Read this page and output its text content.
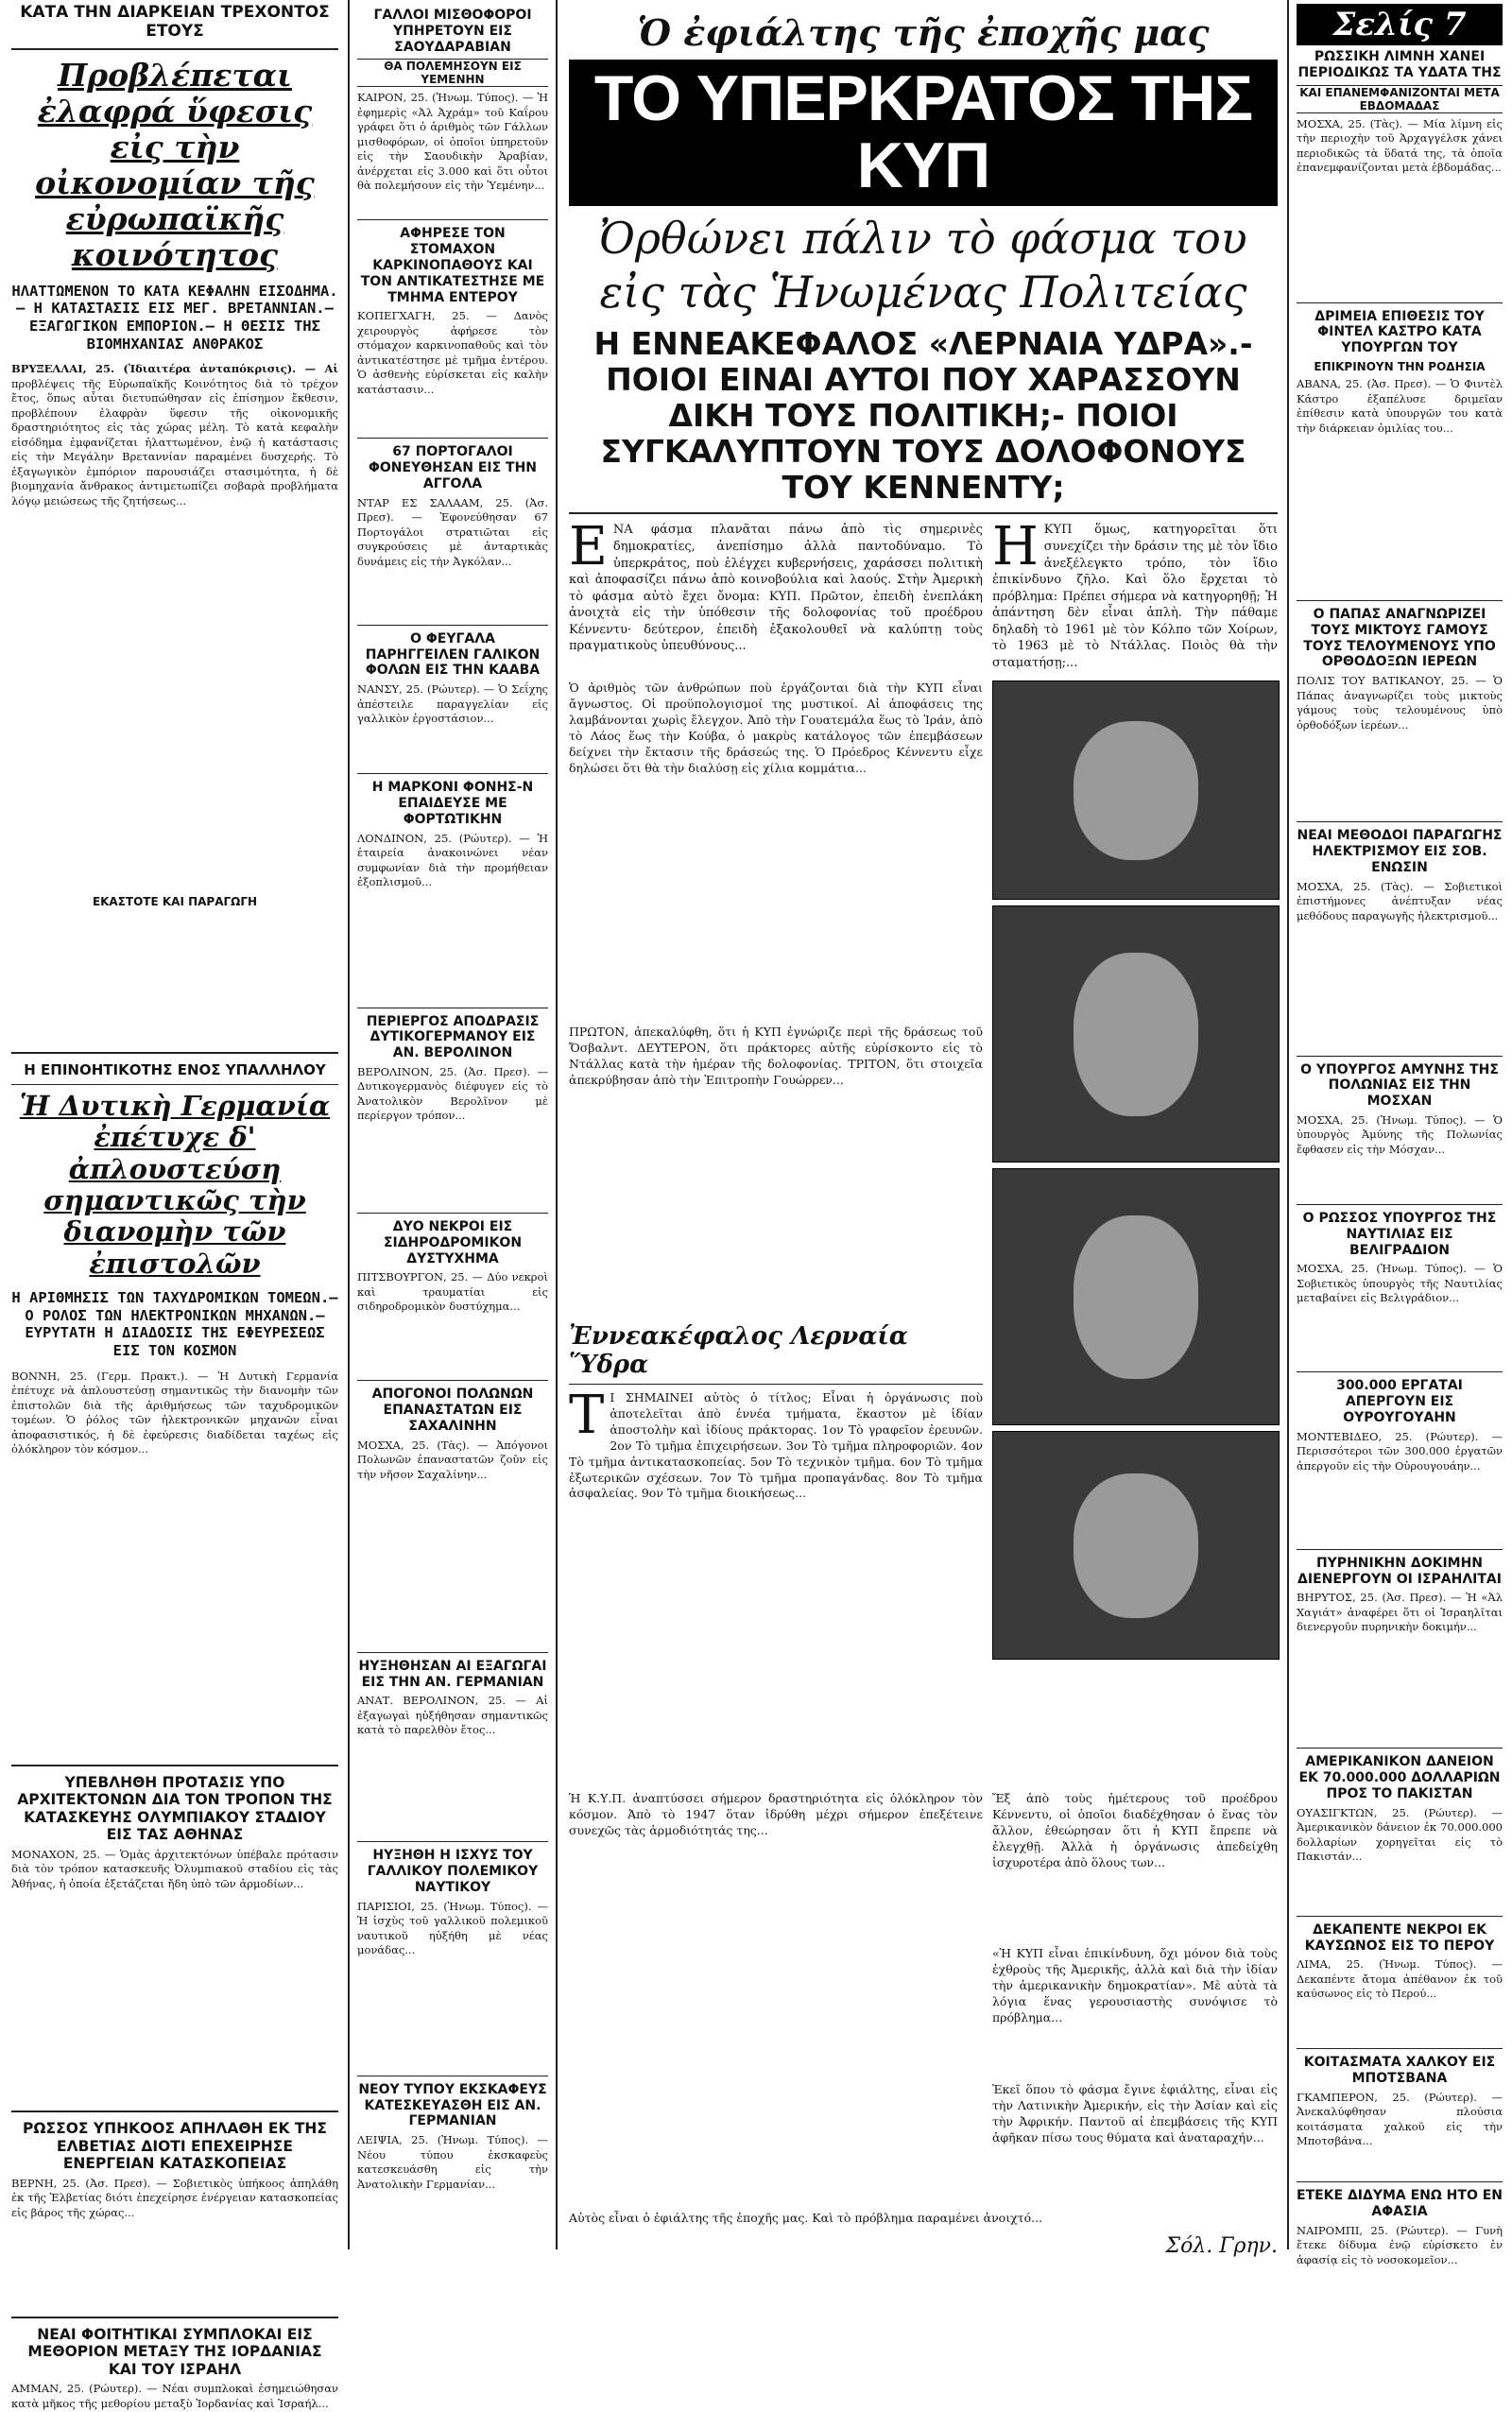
ΚΑΤΑ ΤΗΝ ΔΙΑΡΚΕΙΑΝ ΤΡΕΧΟΝΤΟΣ ΕΤΟΥΣ
Προβλέπεται ἐλαφρά ὕφεσις εἰς τὴν οἰκονομίαν τῆς εὐρωπαϊκῆς κοινότητος
ΗΛΑΤΤΩΜΕΝΟΝ ΤΟ ΚΑΤΑ ΚΕΦΑΛΗΝ ΕΙΣΟΔΗΜΑ.— Η ΚΑΤΑΣΤΑΣΙΣ ΕΙΣ ΜΕΓ. ΒΡΕΤΑΝΝΙΑΝ.— ΕΞΑΓΩΓΙΚΟΝ ΕΜΠΟΡΙΟΝ.— Η ΘΕΣΙΣ ΤΗΣ ΒΙΟΜΗΧΑΝΙΑΣ ΑΝΘΡΑΚΟΣ

ΒΡΥΞΕΛΛΑΙ, 25. (Ἰδιαιτέρα ἀνταπόκρισις). — Αἱ προβλέψεις τῆς Εὐρωπαϊκῆς Κοινότητος διὰ τὸ τρέχον ἔτος, ὅπως αὗται διετυπώθησαν εἰς ἐπίσημον ἔκθεσιν, προβλέπουν ἐλαφρὰν ὕφεσιν τῆς οἰκονομικῆς δραστηριότητος εἰς τὰς χώρας μέλη. Τὸ κατὰ κεφαλὴν εἰσόδημα ἐμφανίζεται ἠλαττωμένον, ἐνῷ ἡ κατάστασις εἰς τὴν Μεγάλην Βρεταννίαν παραμένει δυσχερής. Τὸ ἐξαγωγικὸν ἐμπόριον παρουσιάζει στασιμότητα, ἡ δὲ βιομηχανία ἄνθρακος ἀντιμετωπίζει σοβαρὰ προβλήματα λόγῳ μειώσεως τῆς ζητήσεως...

ΕΚΑΣΤΟΤΕ ΚΑΙ ΠΑΡΑΓΩΓΗ
Η ΕΠΙΝΟΗΤΙΚΟΤΗΣ ΕΝΟΣ ΥΠΑΛΛΗΛΟΥ
Ἡ Δυτικὴ Γερμανία ἐπέτυχε δ' ἀπλουστεύση σημαντικῶς τὴν διανομὴν τῶν ἐπιστολῶν
Η ΑΡΙΘΜΗΣΙΣ ΤΩΝ ΤΑΧΥΔΡΟΜΙΚΩΝ ΤΟΜΕΩΝ.— Ο ΡΟΛΟΣ ΤΩΝ ΗΛΕΚΤΡΟΝΙΚΩΝ ΜΗΧΑΝΩΝ.— ΕΥΡΥΤΑΤΗ Η ΔΙΑΔΟΣΙΣ ΤΗΣ ΕΦΕΥΡΕΣΕΩΣ ΕΙΣ ΤΟΝ ΚΟΣΜΟΝ

ΒΟΝΝΗ, 25. (Γερμ. Πρακτ.). — Ἡ Δυτικὴ Γερμανία ἐπέτυχε νὰ ἀπλουστεύσῃ σημαντικῶς τὴν διανομὴν τῶν ἐπιστολῶν διὰ τῆς ἀριθμήσεως τῶν ταχυδρομικῶν τομέων. Ὁ ῥόλος τῶν ἠλεκτρονικῶν μηχανῶν εἶναι ἀποφασιστικός, ἡ δὲ ἐφεύρεσις διαδίδεται ταχέως εἰς ὁλόκληρον τὸν κόσμον...

ΥΠΕΒΛΗΘΗ ΠΡΟΤΑΣΙΣ ΥΠΟ ΑΡΧΙΤΕΚΤΟΝΩΝ ΔΙΑ ΤΟΝ ΤΡΟΠΟΝ ΤΗΣ ΚΑΤΑΣΚΕΥΗΣ ΟΛΥΜΠΙΑΚΟΥ ΣΤΑΔΙΟΥ ΕΙΣ ΤΑΣ ΑΘΗΝΑΣ

ΜΟΝΑΧΟΝ, 25. — Ὁμὰς ἀρχιτεκτόνων ὑπέβαλε πρότασιν διὰ τὸν τρόπον κατασκευῆς Ὀλυμπιακοῦ σταδίου εἰς τὰς Ἀθήνας, ἡ ὁποία ἐξετάζεται ἤδη ὑπὸ τῶν ἁρμοδίων...

ΡΩΣΣΟΣ ΥΠΗΚΟΟΣ ΑΠΗΛΑΘΗ ΕΚ ΤΗΣ ΕΛΒΕΤΙΑΣ ΔΙΟΤΙ ΕΠΕΧΕΙΡΗΣΕ ΕΝΕΡΓΕΙΑΝ ΚΑΤΑΣΚΟΠΕΙΑΣ

ΒΕΡΝΗ, 25. (Ἀσ. Πρεσ). — Σοβιετικὸς ὑπήκοος ἀπηλάθη ἐκ τῆς Ἐλβετίας διότι ἐπεχείρησε ἐνέργειαν κατασκοπείας εἰς βάρος τῆς χώρας...

ΝΕΑΙ ΦΟΙΤΗΤΙΚΑΙ ΣΥΜΠΛΟΚΑΙ ΕΙΣ ΜΕΘΟΡΙΟΝ ΜΕΤΑΞΥ ΤΗΣ ΙΟΡΔΑΝΙΑΣ ΚΑΙ ΤΟΥ ΙΣΡΑΗΛ

ΑΜΜΑΝ, 25. (Ρώυτερ). — Νέαι συμπλοκαὶ ἐσημειώθησαν κατὰ μῆκος τῆς μεθορίου μεταξὺ Ἰορδανίας καὶ Ἰσραήλ...

ΓΑΛΛΟΙ ΜΙΣΘΟΦΟΡΟΙ ΥΠΗΡΕΤΟΥΝ ΕΙΣ ΣΑΟΥΔΑΡΑΒΙΑΝ
ΘΑ ΠΟΛΕΜΗΣΟΥΝ ΕΙΣ ΥΕΜΕΝΗΝ

ΚΑΙΡΟΝ, 25. (Ἠνωμ. Τύπος). — Ἡ ἐφημερὶς «Ἀλ Ἀχράμ» τοῦ Καΐρου γράφει ὅτι ὁ ἀριθμὸς τῶν Γάλλων μισθοφόρων, οἱ ὁποῖοι ὑπηρετοῦν εἰς τὴν Σαουδικὴν Ἀραβίαν, ἀνέρχεται εἰς 3.000 καὶ ὅτι οὗτοι θὰ πολεμήσουν εἰς τὴν Ὑεμένην...

ΑΦΗΡΕΣΕ ΤΟΝ ΣΤΟΜΑΧΟΝ ΚΑΡΚΙΝΟΠΑΘΟΥΣ ΚΑΙ ΤΟΝ ΑΝΤΙΚΑΤΕΣΤΗΣΕ ΜΕ ΤΜΗΜΑ ΕΝΤΕΡΟΥ

ΚΟΠΕΓΧΑΓΗ, 25. — Δανὸς χειρουργὸς ἀφήρεσε τὸν στόμαχον καρκινοπαθοῦς καὶ τὸν ἀντικατέστησε μὲ τμῆμα ἐντέρου. Ὁ ἀσθενὴς εὑρίσκεται εἰς καλὴν κατάστασιν...

67 ΠΟΡΤΟΓΑΛΟΙ ΦΟΝΕΥΘΗΣΑΝ ΕΙΣ ΤΗΝ ΑΓΓΟΛΑ

ΝΤΑΡ ΕΣ ΣΑΛΑΑΜ, 25. (Ἀσ. Πρεσ). — Ἐφονεύθησαν 67 Πορτογάλοι στρατιῶται εἰς συγκρούσεις μὲ ἀνταρτικὰς δυνάμεις εἰς τὴν Ἀγκόλαν...

Ο ΦΕΥΓΑΛΑ ΠΑΡΗΓΓΕΙΛΕΝ ΓΑΛΙΚΟΝ ΦΟΛΩΝ ΕΙΣ ΤΗΝ ΚΑΑΒΑ

ΝΑΝΣΥ, 25. (Ρώυτερ). — Ὁ Σεΐχης ἀπέστειλε παραγγελίαν εἰς γαλλικὸν ἐργοστάσιον...

Η ΜΑΡΚΟΝΙ ΦΟΝΗΣ-Ν ΕΠΑΙΔΕΥΣΕ ΜΕ ΦΟΡΤΩΤΙΚΗΝ

ΛΟΝΔΙΝΟΝ, 25. (Ρώυτερ). — Ἡ ἑταιρεία ἀνακοινώνει νέαν συμφωνίαν διὰ τὴν προμήθειαν ἐξοπλισμοῦ...

ΠΕΡΙΕΡΓΟΣ ΑΠΟΔΡΑΣΙΣ ΔΥΤΙΚΟΓΕΡΜΑΝΟΥ ΕΙΣ ΑΝ. ΒΕΡΟΛΙΝΟΝ

ΒΕΡΟΛΙΝΟΝ, 25. (Ἀσ. Πρεσ). — Δυτικογερμανὸς διέφυγεν εἰς τὸ Ἀνατολικὸν Βερολῖνον μὲ περίεργον τρόπον...

ΔΥΟ ΝΕΚΡΟΙ ΕΙΣ ΣΙΔΗΡΟΔΡΟΜΙΚΟΝ ΔΥΣΤΥΧΗΜΑ

ΠΙΤΣΒΟΥΡΓΟΝ, 25. — Δύο νεκροὶ καὶ τραυματίαι εἰς σιδηροδρομικὸν δυστύχημα...

ΑΠΟΓΟΝΟΙ ΠΟΛΩΝΩΝ ΕΠΑΝΑΣΤΑΤΩΝ ΕΙΣ ΣΑΧΑΛΙΝΗΝ

ΜΟΣΧΑ, 25. (Τὰς). — Ἀπόγονοι Πολωνῶν ἐπαναστατῶν ζοῦν εἰς τὴν νῆσον Σαχαλίνην...

ΗΥΞΗΘΗΣΑΝ ΑΙ ΕΞΑΓΩΓΑΙ ΕΙΣ ΤΗΝ ΑΝ. ΓΕΡΜΑΝΙΑΝ

ΑΝΑΤ. ΒΕΡΟΛΙΝΟΝ, 25. — Αἱ ἐξαγωγαὶ ηὐξήθησαν σημαντικῶς κατὰ τὸ παρελθὸν ἔτος...

ΗΥΞΗΘΗ Η ΙΣΧΥΣ ΤΟΥ ΓΑΛΛΙΚΟΥ ΠΟΛΕΜΙΚΟΥ ΝΑΥΤΙΚΟΥ

ΠΑΡΙΣΙΟΙ, 25. (Ἠνωμ. Τύπος). — Ἡ ἰσχὺς τοῦ γαλλικοῦ πολεμικοῦ ναυτικοῦ ηὐξήθη μὲ νέας μονάδας...

ΝΕΟΥ ΤΥΠΟΥ ΕΚΣΚΑΦΕΥΣ ΚΑΤΕΣΚΕΥΑΣΘΗ ΕΙΣ ΑΝ. ΓΕΡΜΑΝΙΑΝ

ΛΕΙΨΙΑ, 25. (Ἠνωμ. Τύπος). — Νέου τύπου ἐκσκαφεὺς κατεσκευάσθη εἰς τὴν Ἀνατολικὴν Γερμανίαν...

Ὁ ἐφιάλτης τῆς ἐποχῆς μας
ΤΟ ΥΠΕΡΚΡΑΤΟΣ ΤΗΣ ΚΥΠ
Ὀρθώνει πάλιν τὸ φάσμα του εἰς τὰς Ἡνωμένας Πολιτείας
Η ΕΝΝΕΑΚΕΦΑΛΟΣ «ΛΕΡΝΑΙΑ ΥΔΡΑ».- ΠΟΙΟΙ ΕΙΝΑΙ ΑΥΤΟΙ ΠΟΥ ΧΑΡΑΣΣΟΥΝ ΔΙΚΗ ΤΟΥΣ ΠΟΛΙΤΙΚΗ;- ΠΟΙΟΙ ΣΥΓΚΑΛΥΠΤΟΥΝ ΤΟΥΣ ΔΟΛΟΦΟΝΟΥΣ ΤΟΥ ΚΕΝΝΕΝΤΥ;

Ε ΝΑ φάσμα πλανᾶται πάνω ἀπὸ τὶς σημερινὲς δημοκρατίες, ἀνεπίσημο ἀλλὰ παντοδύναμο. Τὸ ὑπερκράτος, ποὺ ἐλέγχει κυβερνήσεις, χαράσσει πολιτικὴ καὶ ἀποφασίζει πάνω ἀπὸ κοινοβούλια καὶ λαούς. Στὴν Ἀμερικὴ τὸ φάσμα αὐτὸ ἔχει ὄνομα: ΚΥΠ. Πρῶτον, ἐπειδὴ ἐνεπλάκη ἀνοιχτὰ εἰς τὴν ὑπόθεσιν τῆς δολοφονίας τοῦ προέδρου Κέννεντυ· δεύτερον, ἐπειδὴ ἐξακολουθεῖ νὰ καλύπτῃ τοὺς πραγματικοὺς ὑπευθύνους...

Η ΚΥΠ ὅμως, κατηγορεῖται ὅτι συνεχίζει τὴν δράσιν της μὲ τὸν ἴδιο ἀνεξέλεγκτο τρόπο, τὸν ἴδιο ἐπικίνδυνο ζῆλο. Καὶ ὅλο ἔρχεται τὸ πρόβλημα: Πρέπει σήμερα νὰ κατηγορηθῇ; Ἡ ἀπάντηση δὲν εἶναι ἁπλὴ. Τὴν πάθαμε δηλαδὴ τὸ 1961 μὲ τὸν Κόλπο τῶν Χοίρων, τὸ 1963 μὲ τὸ Ντάλλας. Ποιὸς θὰ τὴν σταματήσῃ;...

Ὁ ἀριθμὸς τῶν ἀνθρώπων ποὺ ἐργάζονται διὰ τὴν ΚΥΠ εἶναι ἄγνωστος. Οἱ προϋπολογισμοί της μυστικοί. Αἱ ἀποφάσεις της λαμβάνονται χωρὶς ἔλεγχον. Ἀπὸ τὴν Γουατεμάλα ἕως τὸ Ἰράν, ἀπὸ τὸ Λάος ἕως τὴν Κούβα, ὁ μακρὺς κατάλογος τῶν ἐπεμβάσεων δείχνει τὴν ἔκτασιν τῆς δράσεώς της. Ὁ Πρόεδρος Κέννεντυ εἶχε δηλώσει ὅτι θὰ τὴν διαλύσῃ εἰς χίλια κομμάτια...

ΠΡΩΤΟΝ, ἀπεκαλύφθη, ὅτι ἡ ΚΥΠ ἐγνώριζε περὶ τῆς δράσεως τοῦ Ὄσβαλντ. ΔΕΥΤΕΡΟΝ, ὅτι πράκτορες αὐτῆς εὑρίσκοντο εἰς τὸ Ντάλλας κατὰ τὴν ἡμέραν τῆς δολοφονίας. ΤΡΙΤΟΝ, ὅτι στοιχεῖα ἀπεκρύβησαν ἀπὸ τὴν Ἐπιτροπὴν Γουώρρεν...

Ἐννεακέφαλος Λερναία Ὕδρα

Τ Ι ΣΗΜΑΙΝΕΙ αὐτὸς ὁ τίτλος; Εἶναι ἡ ὀργάνωσις ποὺ ἀποτελεῖται ἀπὸ ἐννέα τμήματα, ἕκαστον μὲ ἰδίαν ἀποστολὴν καὶ ἰδίους πράκτορας. 1ον Τὸ γραφεῖον ἐρευνῶν. 2ον Τὸ τμῆμα ἐπιχειρήσεων. 3ον Τὸ τμῆμα πληροφοριῶν. 4ον Τὸ τμῆμα ἀντικατασκοπείας. 5ον Τὸ τεχνικὸν τμῆμα. 6ον Τὸ τμῆμα ἐξωτερικῶν σχέσεων. 7ον Τὸ τμῆμα προπαγάνδας. 8ον Τὸ τμῆμα ἀσφαλείας. 9ον Τὸ τμῆμα διοικήσεως...

Ἡ Κ.Υ.Π. ἀναπτύσσει σήμερον δραστηριότητα εἰς ὁλόκληρον τὸν κόσμον. Ἀπὸ τὸ 1947 ὅταν ἱδρύθη μέχρι σήμερον ἐπεξέτεινε συνεχῶς τὰς ἁρμοδιότητάς της...

Ἔξ ἀπὸ τοὺς ἡμέτερους τοῦ προέδρου Κέννεντυ, οἱ ὁποῖοι διαδέχθησαν ὁ ἕνας τὸν ἄλλον, ἐθεώρησαν ὅτι ἡ ΚΥΠ ἔπρεπε νὰ ἐλεγχθῇ. Ἀλλὰ ἡ ὀργάνωσις ἀπεδείχθη ἰσχυροτέρα ἀπὸ ὅλους των...

«Ἡ ΚΥΠ εἶναι ἐπικίνδυνη, ὄχι μόνον διὰ τοὺς ἐχθροὺς τῆς Ἀμερικῆς, ἀλλὰ καὶ διὰ τὴν ἰδίαν τὴν ἀμερικανικὴν δημοκρατίαν». Μὲ αὐτὰ τὰ λόγια ἕνας γερουσιαστὴς συνόψισε τὸ πρόβλημα...

Ἐκεῖ ὅπου τὸ φάσμα ἔγινε ἐφιάλτης, εἶναι εἰς τὴν Λατινικὴν Ἀμερικήν, εἰς τὴν Ἀσίαν καὶ εἰς τὴν Ἀφρικήν. Παντοῦ αἱ ἐπεμβάσεις τῆς ΚΥΠ ἀφῆκαν πίσω τους θύματα καὶ ἀναταραχήν...

Αὐτὸς εἶναι ὁ ἐφιάλτης τῆς ἐποχῆς μας. Καὶ τὸ πρόβλημα παραμένει ἀνοιχτό...

Σόλ. Γρην.
Σελίς 7
ΡΩΣΣΙΚΗ ΛΙΜΝΗ ΧΑΝΕΙ ΠΕΡΙΟΔΙΚΩΣ ΤΑ ΥΔΑΤΑ ΤΗΣ
ΚΑΙ ΕΠΑΝΕΜΦΑΝΙΖΟΝΤΑΙ ΜΕΤΑ ΕΒΔΟΜΑΔΑΣ

ΜΟΣΧΑ, 25. (Τὰς). — Μία λίμνη εἰς τὴν περιοχὴν τοῦ Ἀρχαγγέλσκ χάνει περιοδικῶς τὰ ὕδατά της, τὰ ὁποῖα ἐπανεμφανίζονται μετὰ ἑβδομάδας...

ΔΡΙΜΕΙΑ ΕΠΙΘΕΣΙΣ ΤΟΥ ΦΙΝΤΕΛ ΚΑΣΤΡΟ ΚΑΤΑ ΥΠΟΥΡΓΩΝ ΤΟΥ
ΕΠΙΚΡΙΝΟΥΝ ΤΗΝ ΡΟΔΗΣΙΑ

ΑΒΑΝΑ, 25. (Ἀσ. Πρεσ). — Ὁ Φιντὲλ Κάστρο ἐξαπέλυσε δριμεῖαν ἐπίθεσιν κατὰ ὑπουργῶν του κατὰ τὴν διάρκειαν ὁμιλίας του...

Ο ΠΑΠΑΣ ΑΝΑΓΝΩΡΙΖΕΙ ΤΟΥΣ ΜΙΚΤΟΥΣ ΓΑΜΟΥΣ ΤΟΥΣ ΤΕΛΟΥΜΕΝΟΥΣ ΥΠΟ ΟΡΘΟΔΟΞΩΝ ΙΕΡΕΩΝ

ΠΟΛΙΣ ΤΟΥ ΒΑΤΙΚΑΝΟΥ, 25. — Ὁ Πάπας ἀναγνωρίζει τοὺς μικτοὺς γάμους τοὺς τελουμένους ὑπὸ ὀρθοδόξων ἱερέων...

ΝΕΑΙ ΜΕΘΟΔΟΙ ΠΑΡΑΓΩΓΗΣ ΗΛΕΚΤΡΙΣΜΟΥ ΕΙΣ ΣΟΒ. ΕΝΩΣΙΝ

ΜΟΣΧΑ, 25. (Τὰς). — Σοβιετικοὶ ἐπιστήμονες ἀνέπτυξαν νέας μεθόδους παραγωγῆς ἠλεκτρισμοῦ...

Ο ΥΠΟΥΡΓΟΣ ΑΜΥΝΗΣ ΤΗΣ ΠΟΛΩΝΙΑΣ ΕΙΣ ΤΗΝ ΜΟΣΧΑΝ

ΜΟΣΧΑ, 25. (Ἠνωμ. Τύπος). — Ὁ ὑπουργὸς Ἀμύνης τῆς Πολωνίας ἔφθασεν εἰς τὴν Μόσχαν...

Ο ΡΩΣΣΟΣ ΥΠΟΥΡΓΟΣ ΤΗΣ ΝΑΥΤΙΛΙΑΣ ΕΙΣ ΒΕΛΙΓΡΑΔΙΟΝ

ΜΟΣΧΑ, 25. (Ἠνωμ. Τύπος). — Ὁ Σοβιετικὸς ὑπουργὸς τῆς Ναυτιλίας μεταβαίνει εἰς Βελιγράδιον...

300.000 ΕΡΓΑΤΑΙ ΑΠΕΡΓΟΥΝ ΕΙΣ ΟΥΡΟΥΓΟΥΑΗΝ

ΜΟΝΤΕΒΙΔΕΟ, 25. (Ρώυτερ). — Περισσότεροι τῶν 300.000 ἐργατῶν ἀπεργοῦν εἰς τὴν Οὐρουγουάην...

ΠΥΡΗΝΙΚΗΝ ΔΟΚΙΜΗΝ ΔΙΕΝΕΡΓΟΥΝ ΟΙ ΙΣΡΑΗΛΙΤΑΙ

ΒΗΡΥΤΟΣ, 25. (Ἀσ. Πρεσ). — Ἡ «Ἀλ Χαγιάτ» ἀναφέρει ὅτι οἱ Ἰσραηλῖται διενεργοῦν πυρηνικὴν δοκιμήν...

ΑΜΕΡΙΚΑΝΙΚΟΝ ΔΑΝΕΙΟΝ ΕΚ 70.000.000 ΔΟΛΛΑΡΙΩΝ ΠΡΟΣ ΤΟ ΠΑΚΙΣΤΑΝ

ΟΥΑΣΙΓΚΤΩΝ, 25. (Ρώυτερ). — Ἀμερικανικὸν δάνειον ἐκ 70.000.000 δολλαρίων χορηγεῖται εἰς τὸ Πακιστάν...

ΔΕΚΑΠΕΝΤΕ ΝΕΚΡΟΙ ΕΚ ΚΑΥΣΩΝΟΣ ΕΙΣ ΤΟ ΠΕΡΟΥ

ΛΙΜΑ, 25. (Ἠνωμ. Τύπος). — Δεκαπέντε ἄτομα ἀπέθανον ἐκ τοῦ καύσωνος εἰς τὸ Περού...

ΚΟΙΤΑΣΜΑΤΑ ΧΑΛΚΟΥ ΕΙΣ ΜΠΟΤΣΒΑΝΑ

ΓΚΑΜΠΕΡΟΝ, 25. (Ρώυτερ). — Ἀνεκαλύφθησαν πλούσια κοιτάσματα χαλκοῦ εἰς τὴν Μποτσβάνα...

ΕΤΕΚΕ ΔΙΔΥΜΑ ΕΝΩ ΗΤΟ ΕΝ ΑΦΑΣΙΑ

ΝΑΙΡΟΜΠΙ, 25. (Ρώυτερ). — Γυνὴ ἔτεκε δίδυμα ἐνῷ εὑρίσκετο ἐν ἀφασίᾳ εἰς τὸ νοσοκομεῖον...
